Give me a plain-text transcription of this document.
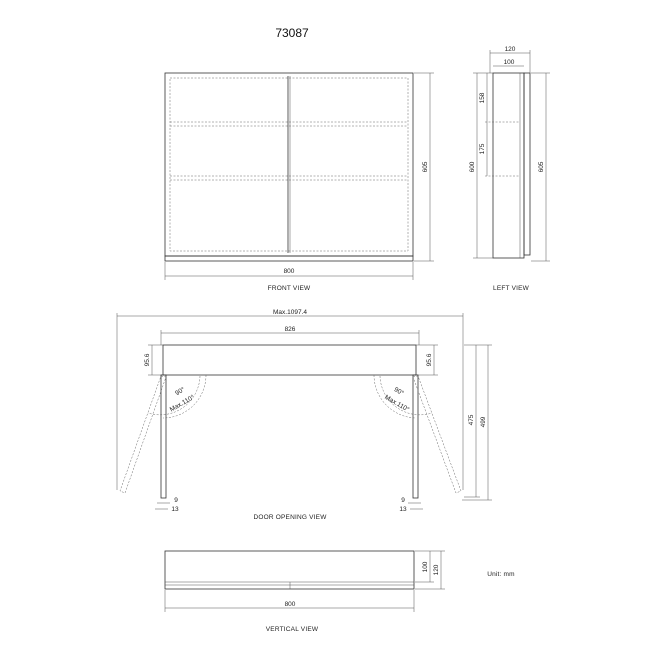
73087
800
605
FRONT VIEW
120
100
158
175
600	605
LEFT VIEW
Max.1097.4
826
95.6	95.6
90°
Max.110°
9
13
90°
Max.110°
9
13
475 499
DOOR OPENING VIEW
800
100 120
VERTICAL VIEW
Unit: mm
